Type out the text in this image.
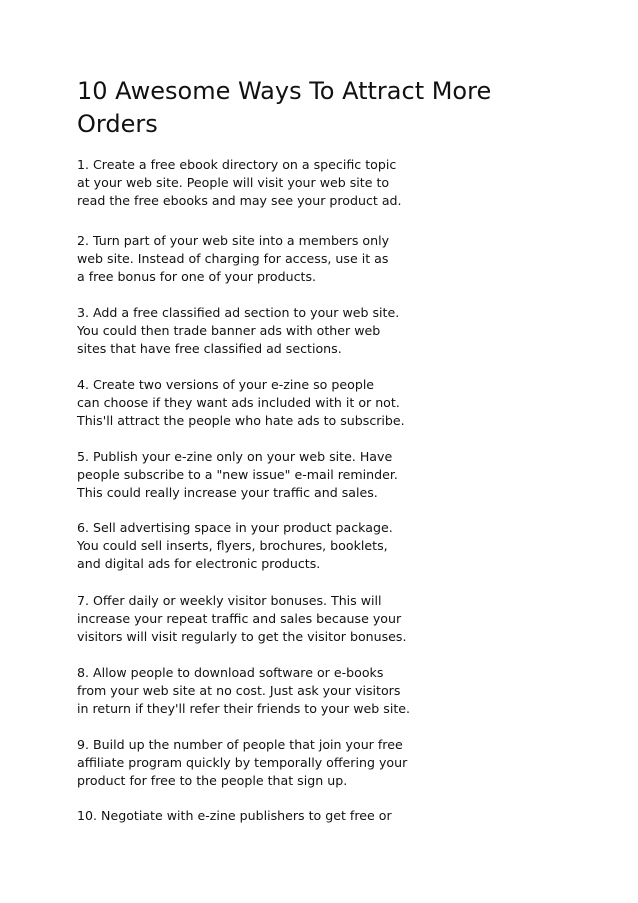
10 Awesome Ways To Attract More
Orders

1. Create a free ebook directory on a specific topic
at your web site. People will visit your web site to
read the free ebooks and may see your product ad.

2. Turn part of your web site into a members only
web site. Instead of charging for access, use it as
a free bonus for one of your products.

3. Add a free classified ad section to your web site.
You could then trade banner ads with other web
sites that have free classified ad sections.

4. Create two versions of your e-zine so people
can choose if they want ads included with it or not.
This'll attract the people who hate ads to subscribe.

5. Publish your e-zine only on your web site. Have
people subscribe to a "new issue" e-mail reminder.
This could really increase your traffic and sales.

6. Sell advertising space in your product package.
You could sell inserts, flyers, brochures, booklets,
and digital ads for electronic products.

7. Offer daily or weekly visitor bonuses. This will
increase your repeat traffic and sales because your
visitors will visit regularly to get the visitor bonuses.

8. Allow people to download software or e-books
from your web site at no cost. Just ask your visitors
in return if they'll refer their friends to your web site.

9. Build up the number of people that join your free
affiliate program quickly by temporally offering your
product for free to the people that sign up.

10. Negotiate with e-zine publishers to get free or
